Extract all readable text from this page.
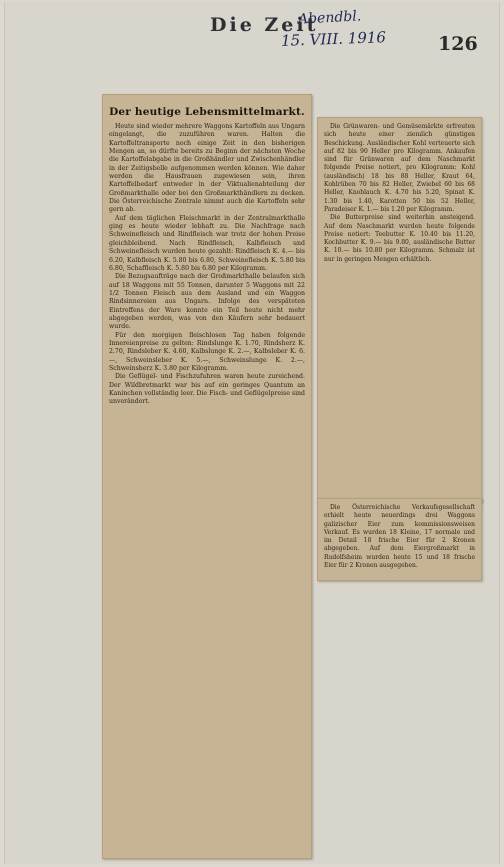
Die Zeit
Abendbl.
15. VIII. 1916	126
Der heutige Lebensmittelmarkt.

Heute sind wieder mehrere Waggons Kartoffeln aus Ungarn eingelangt, die zuzuführen waren. Halten die Kartoffeltransporte noch einige Zeit in den bisherigen Mengen an, so dürfte bereits zu Beginn der nächsten Woche die Kartoffelabgabe in die Großhändler und Zwischenhändler in der Zeitigsbelle aufgenommen werden können. Wie daher werden die Hausfrauen zugewiesen sein, ihren Kartoffelbedarf entweder in der Viktualienabteilung der Großmarkthalle oder bei den Großmarkthändlern zu decken. Die Österreichische Zentrale nimmt auch die Kartoffeln sehr gern ab.

Auf dem täglichen Fleischmarkt in der Zentralmarkthalle ging es heute wieder lebhaft zu. Die Nachfrage nach Schweinefleisch und Rindfleisch war trotz der hohen Preise gleichbleibend. Nach Rindfleisch, Kalbfleisch und Schweinefleisch wurden heute gezahlt: Rindfleisch K. 4.— bis 6.20, Kalbfleisch K. 5.80 bis 6.80, Schweinefleisch K. 5.80 bis 6.80, Schaffleisch K. 5.80 bis 6.80 per Kilogramm.

Die Bezugsaufträge nach der Großmarkthalle belaufen sich auf 18 Waggons mit 55 Tonnen, darunter 5 Waggons mit 22 1/2 Tonnen Fleisch aus dem Ausland und ein Waggon Rindsinnereien aus Ungarn. Infolge des verspäteten Eintreffens der Ware konnte ein Teil heute nicht mehr abgegeben werden, was von den Käufern sehr bedauert wurde.

Für den morgigen fleischlosen Tag haben folgende Innereienpreise zu gelten: Rindslunge K. 1.70, Rindsherz K. 2.70, Rindsleber K. 4.60, Kalbslunge K. 2.—, Kalbsleber K. 6.—, Schweinsleber K. 5.—, Schweinslunge K. 2.—, Schweinsherz K. 3.80 per Kilogramm.

Die Geflügel- und Fischzufuhren waren heute zureichend. Der Wildbretmarkt war bis auf ein geringes Quantum an Kaninchen vollständig leer. Die Fisch- und Geflügelpreise sind unverändert.

Die Grünwaren- und Gemüsemärkte erfreuten sich heute einer ziemlich günstigen Beschickung. Ausländischer Kohl verteuerte sich auf 82 bis 90 Heller pro Kilogramm. Ankaufen sind für Grünwaren auf dem Naschmarkt folgende Preise notiert, pro Kilogramm: Kohl (ausländisch) 18 bis 88 Heller, Kraut 64, Kohlrüben 70 bis 82 Heller, Zwiebel 60 bis 68 Heller, Knoblauch K. 4.70 bis 5.20, Spinat K. 1.30 bis 1.40, Karotten 50 bis 52 Heller, Paradeiser K. 1.— bis 1.20 per Kilogramm.

Die Butterpreise sind weiterhin ansteigend. Auf dem Naschmarkt wurden heute folgende Preise notiert: Teebutter K. 10.40 bis 11.20, Kochbutter K. 9.— bis 9.80, ausländische Butter K. 10.— bis 10.80 per Kilogramm. Schmalz ist nur in geringen Mengen erhältlich.

Die Österreichische Verkaufsgesellschaft erhielt heute neuerdings drei Waggons galizischer Eier zum kommissionsweisen Verkauf. Es wurden 18 Kleine, 17 normale und im Detail 18 frische Eier für 2 Kronen abgegeben. Auf dem Eiergroßmarkt in Rudolfsheim wurden heute 15 und 18 frische Eier für 2 Kronen ausgegeben.
